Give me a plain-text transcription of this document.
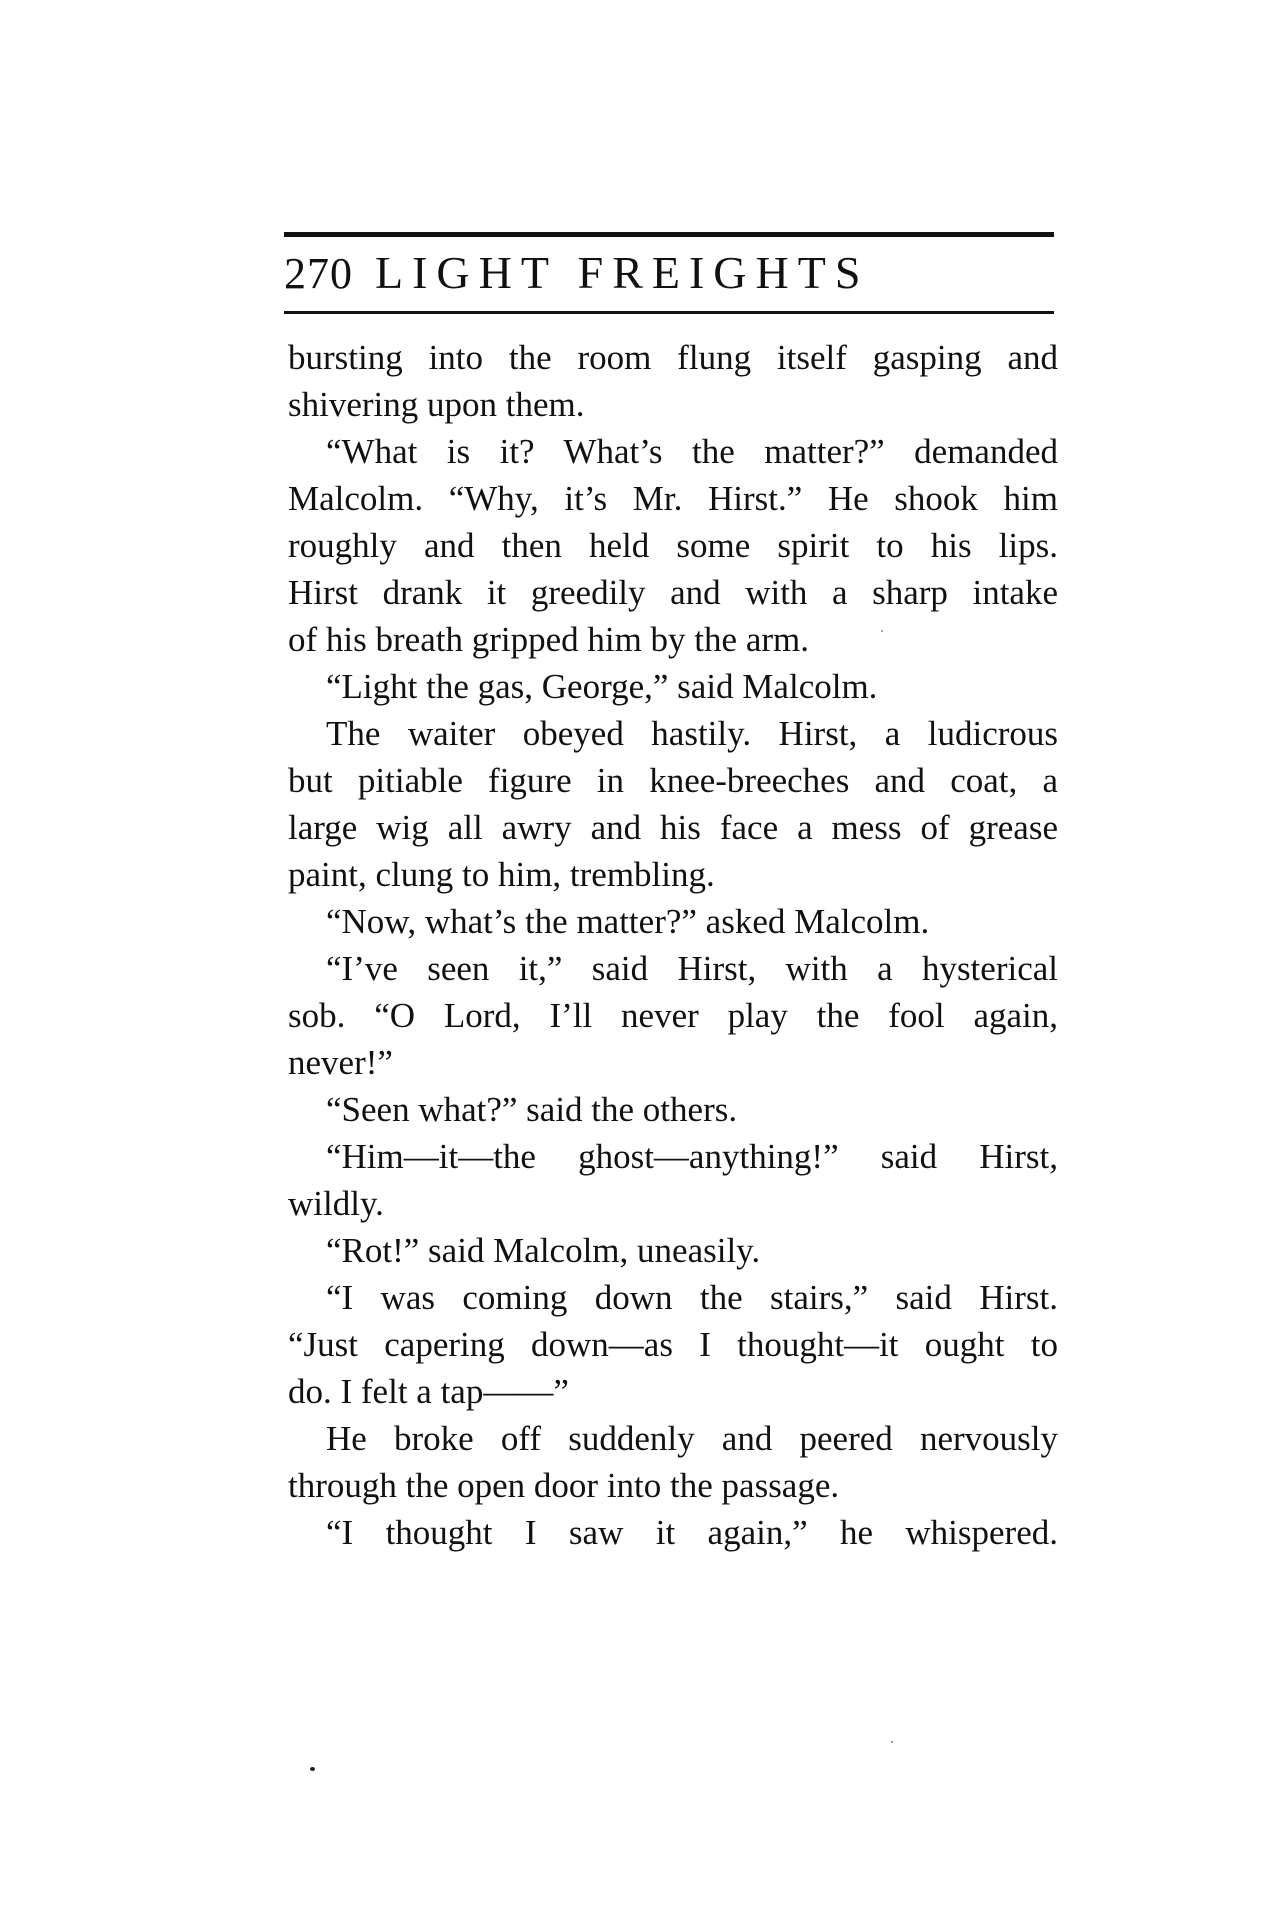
270 LIGHT FREIGHTS
bursting into the room flung itself gasping and
shivering upon them.
“What is it? What’s the matter?” demanded
Malcolm. “Why, it’s Mr. Hirst.” He shook him
roughly and then held some spirit to his lips.
Hirst drank it greedily and with a sharp intake
of his breath gripped him by the arm.
“Light the gas, George,” said Malcolm.
The waiter obeyed hastily. Hirst, a ludicrous
but pitiable figure in knee-breeches and coat, a
large wig all awry and his face a mess of grease
paint, clung to him, trembling.
“Now, what’s the matter?” asked Malcolm.
“I’ve seen it,” said Hirst, with a hysterical
sob. “O Lord, I’ll never play the fool again,
never!”
“Seen what?” said the others.
“Him—it—the ghost—anything!” said Hirst,
wildly.
“Rot!” said Malcolm, uneasily.
“I was coming down the stairs,” said Hirst.
“Just capering down—as I thought—it ought to
do. I felt a tap——”
He broke off suddenly and peered nervously
through the open door into the passage.
“I thought I saw it again,” he whispered.
